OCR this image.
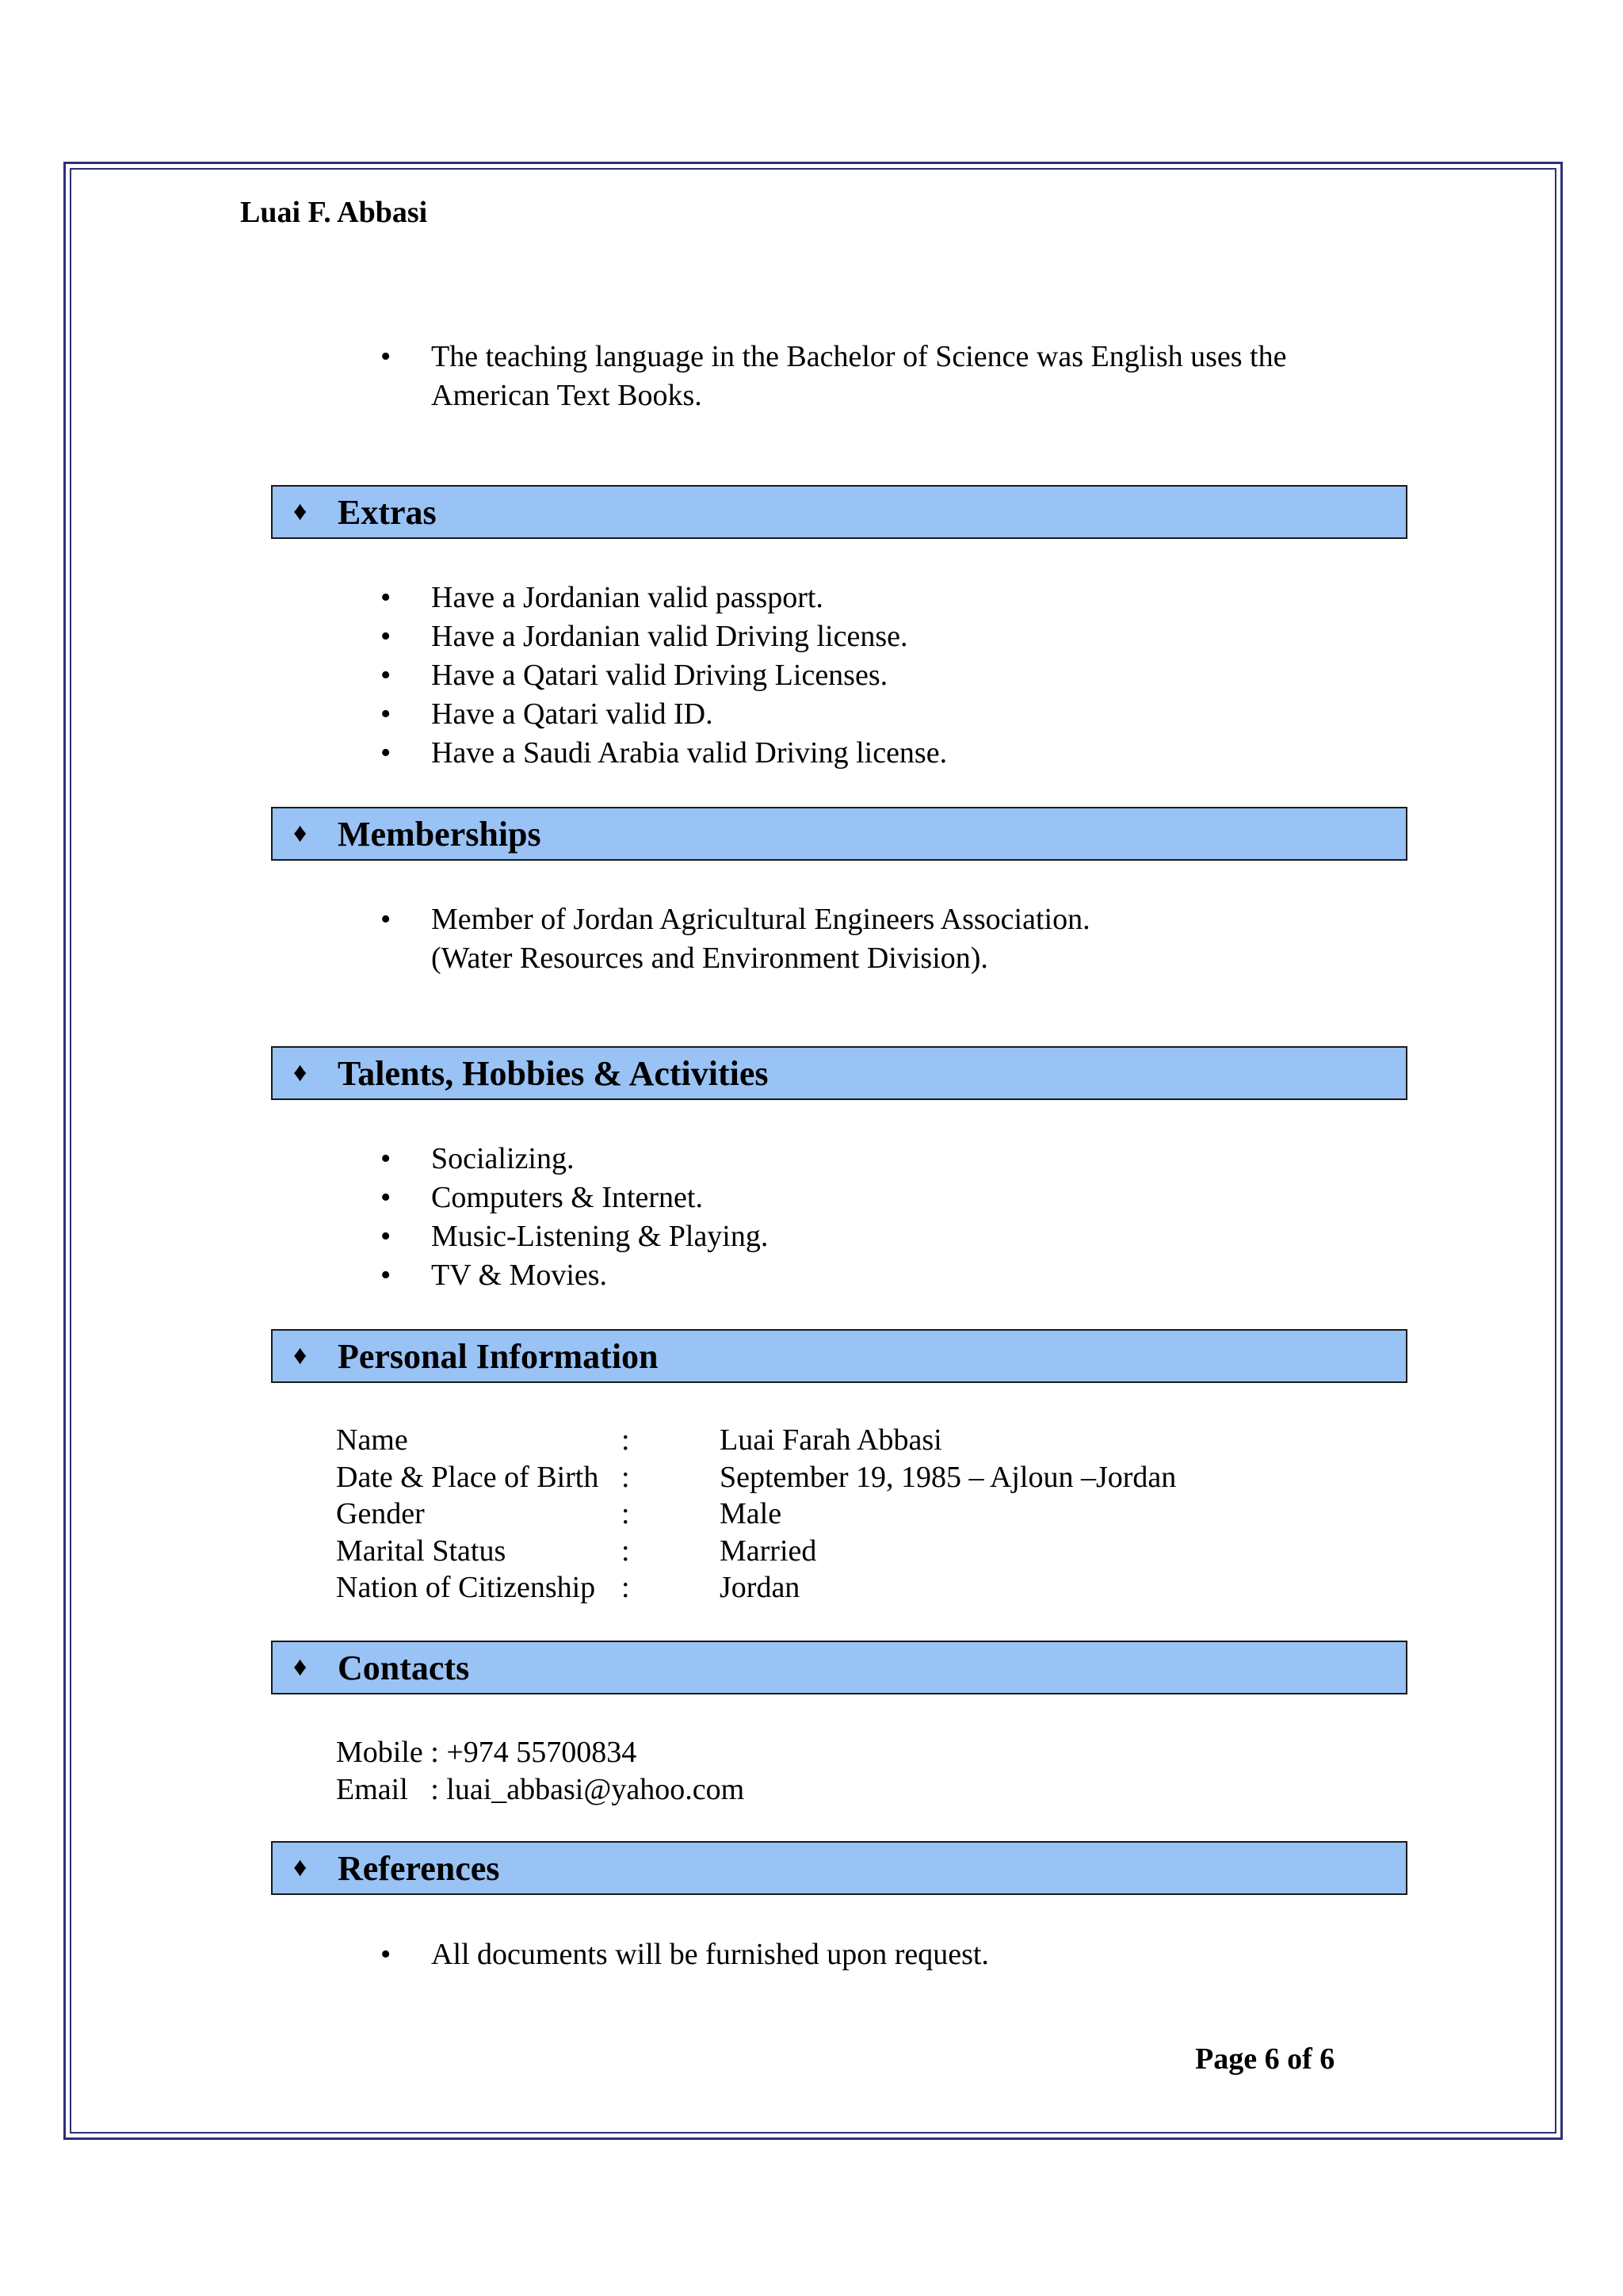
Luai F. Abbasi
• The teaching language in the Bachelor of Science was English uses the
American Text Books.
♦ Extras
• Have a Jordanian valid passport.
• Have a Jordanian valid Driving license.
• Have a Qatari valid Driving Licenses.
• Have a Qatari valid ID.
• Have a Saudi Arabia valid Driving license.
♦ Memberships
• Member of Jordan Agricultural Engineers Association.
(Water Resources and Environment Division).
♦ Talents, Hobbies & Activities
• Socializing.
• Computers & Internet.
• Music-Listening & Playing.
• TV & Movies.
♦ Personal Information
Name	:	Luai Farah Abbasi
Date & Place of Birth :	September 19, 1985 – Ajloun –Jordan
Gender	:	Male
Marital Status	:	Married
Nation of Citizenship :	Jordan
♦ Contacts
Mobile : +974 55700834
Email   : luai_abbasi@yahoo.com
♦ References
• All documents will be furnished upon request.
Page 6 of 6
